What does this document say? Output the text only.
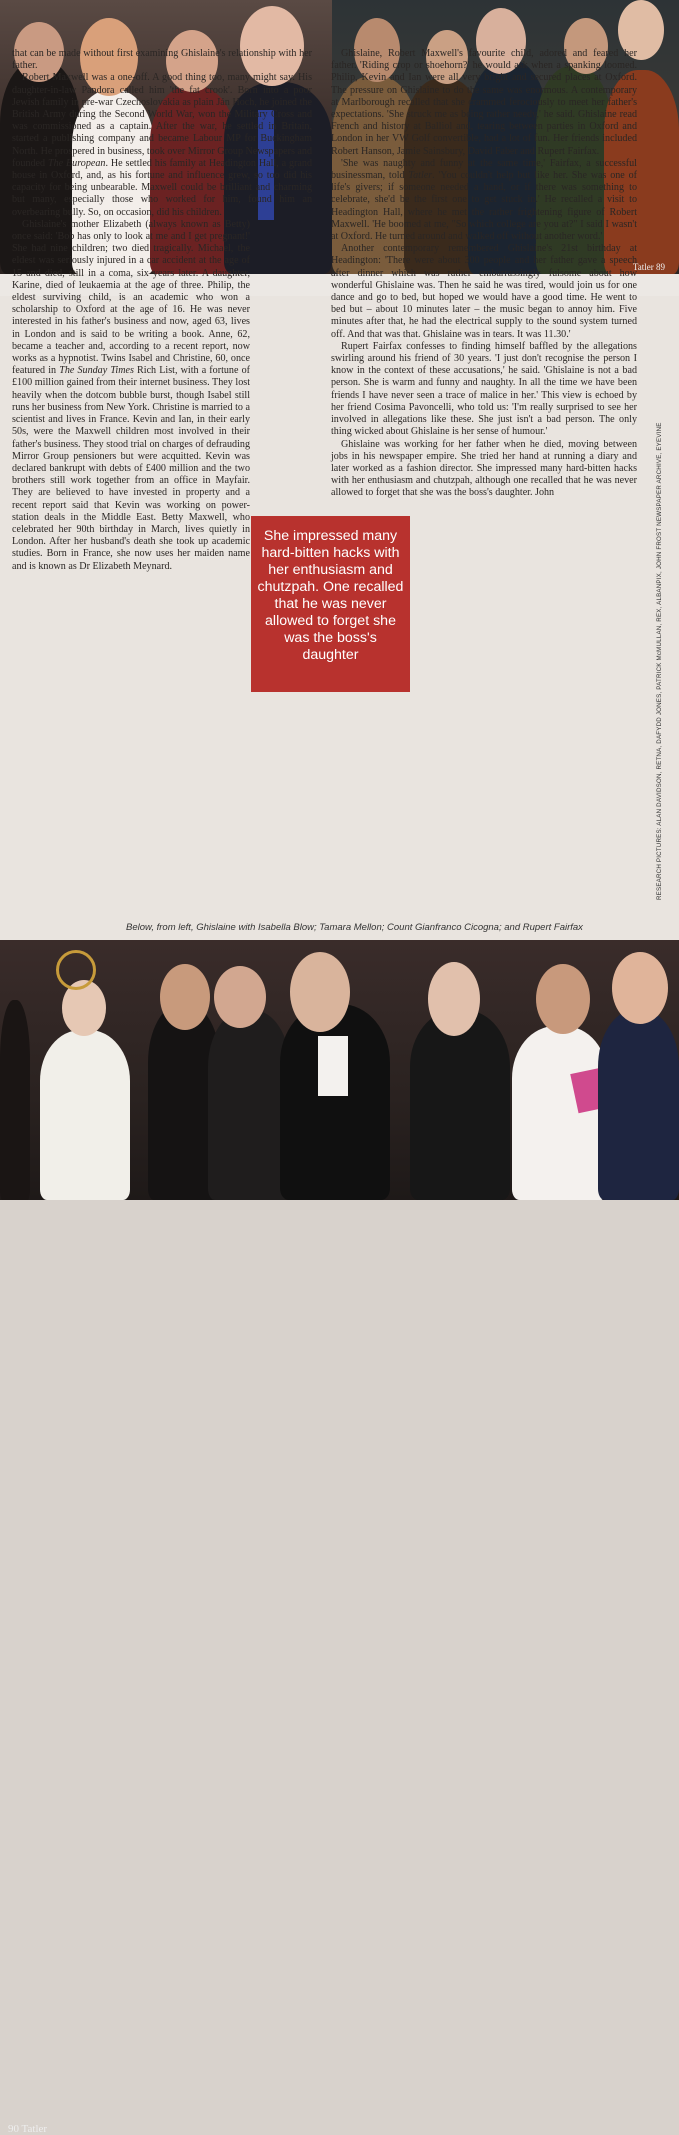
Tatler 89

that can be made without first examining Ghislaine's relationship with her father.

Robert Maxwell was a one-off. A good thing too, many might say. His daughter-in-law Pandora called him 'the fat crook'. Born into a poor Jewish family in pre-war Czechoslovakia as plain Ján Hoch, he joined the British Army during the Second World War, won the Military Cross and was commissioned as a captain. After the war, he settled in Britain, started a publishing company and became Labour MP for Buckingham North. He prospered in business, took over Mirror Group Newspapers and founded The European. He settled his family at Headington Hall, a grand house in Oxford, and, as his fortune and influence grew, so too did his capacity for being unbearable. Maxwell could be brilliant and charming but many, especially those who worked for him, found him an overbearing bully. So, on occasion, did his children.

Ghislaine's mother Elizabeth (always known as Betty) once said: 'Bob has only to look at me and I get pregnant!' She had nine children; two died tragically. Michael, the eldest was seriously injured in a car accident at the age of 15 and died, still in a coma, six years later. A daughter, Karine, died of leukaemia at the age of three. Philip, the eldest surviving child, is an academic who won a scholarship to Oxford at the age of 16. He was never interested in his father's business and now, aged 63, lives in London and is said to be writing a book. Anne, 62, became a teacher and, according to a recent report, now works as a hypnotist. Twins Isabel and Christine, 60, once featured in The Sunday Times Rich List, with a fortune of £100 million gained from their internet business. They lost heavily when the dotcom bubble burst, though Isabel still runs her business from New York. Christine is married to a scientist and lives in France. Kevin and Ian, in their early 50s, were the Maxwell children most involved in their father's business. They stood trial on charges of defrauding Mirror Group pensioners but were acquitted. Kevin was declared bankrupt with debts of £400 million and the two brothers still work together from an office in Mayfair. They are believed to have invested in property and a recent report said that Kevin was working on power-station deals in the Middle East. Betty Maxwell, who celebrated her 90th birthday in March, lives quietly in London. After her husband's death she took up academic studies. Born in France, she now uses her maiden name and is known as Dr Elizabeth Meynard.

She impressed many hard-bitten hacks with her enthusiasm and chutzpah. One recalled that he was never allowed to forget she was the boss's daughter

Ghislaine, Robert Maxwell's favourite child, adored and feared her father. 'Riding crop or shoehorn?' he would ask when a spanking loomed. Philip, Kevin and Ian were all very bright and secured places at Oxford. The pressure on Ghislaine to do the same was enormous. A contemporary at Marlborough recalled that she crammed ferociously to meet her father's expectations. 'She struck me as being rather needy,' he said. Ghislaine read French and history at Balliol and, tearing between parties in Oxford and London in her VW Golf convertible, had a lot of fun. Her friends included Robert Hanson, Jamie Sainsbury, David Faber and Rupert Fairfax.

'She was naughty and funny at the same time,' Fairfax, a successful businessman, told Tatler. 'You couldn't help but like her. She was one of life's givers; if someone needed a hand, or if there was something to celebrate, she'd be the first one to get stuck in.' He recalled a visit to Headington Hall, where he met the rather frightening figure of Robert Maxwell. 'He boomed at me, "So which college are you at?" I said I wasn't at Oxford. He turned around and walked off without another word.'

Another contemporary remembered Ghislaine's 21st birthday at Headington: 'There were about 300 people and her father gave a speech after dinner which was rather embarrassingly fulsome about how wonderful Ghislaine was. Then he said he was tired, would join us for one dance and go to bed, but hoped we would have a good time. He went to bed but – about 10 minutes later – the music began to annoy him. Five minutes after that, he had the electrical supply to the sound system turned off. And that was that. Ghislaine was in tears. It was 11.30.'

Rupert Fairfax confesses to finding himself baffled by the allegations swirling around his friend of 30 years. 'I just don't recognise the person I know in the context of these accusations,' he said. 'Ghislaine is not a bad person. She is warm and funny and naughty. In all the time we have been friends I have never seen a trace of malice in her.' This view is echoed by her friend Cosima Pavoncelli, who told us: 'I'm really surprised to see her involved in allegations like these. She just isn't a bad person. The only thing wicked about Ghislaine is her sense of humour.'

Ghislaine was working for her father when he died, moving between jobs in his newspaper empire. She tried her hand at running a diary and later worked as a fashion director. She impressed many hard-bitten hacks with her enthusiasm and chutzpah, although one recalled that he was never allowed to forget that she was the boss's daughter. John	RESEARCH PICTURES: ALAN DAVIDSON, RETNA, DAFYDD JONES, PATRICK McMULLAN, REX, ALBANPIX, JOHN FROST NEWSPAPER ARCHIVE, EYEVINE
Below, from left, Ghislaine with Isabella Blow; Tamara Mellon; Count Gianfranco Cicogna; and Rupert Fairfax
90 Tatler
